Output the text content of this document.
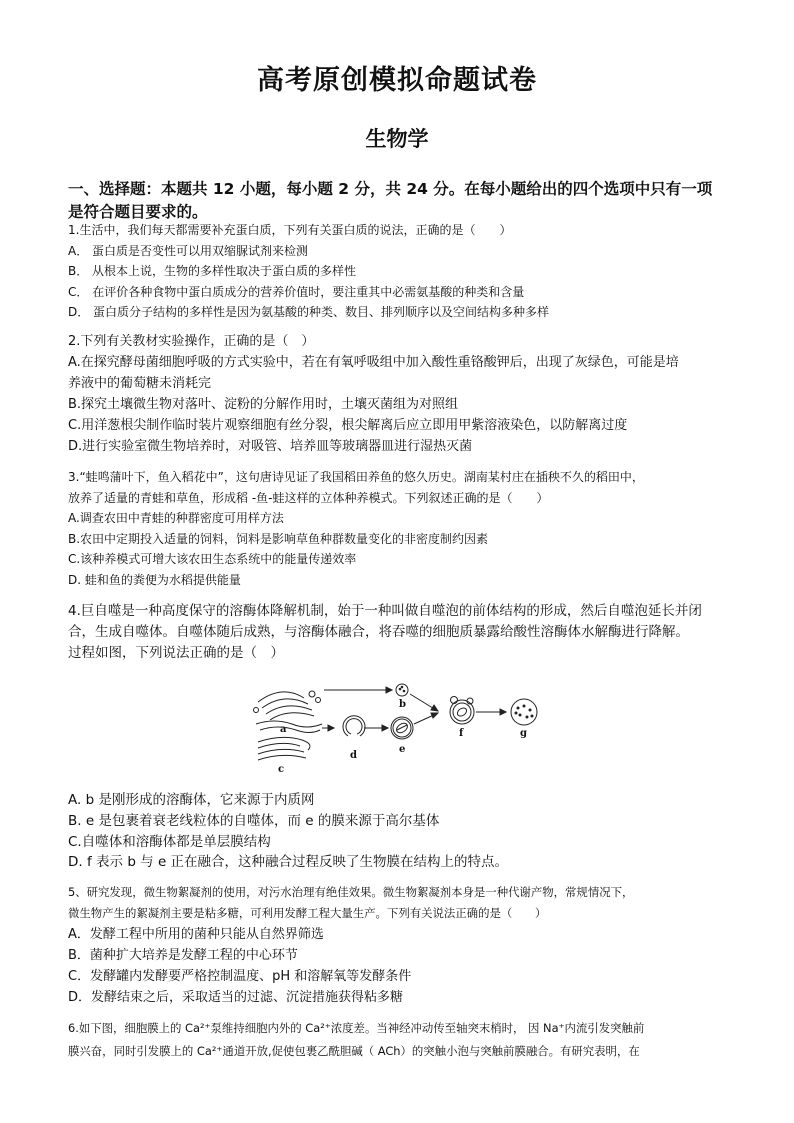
高考原创模拟命题试卷
生物学
一、选择题：本题共 12 小题，每小题 2 分，共 24 分。在每小题给出的四个选项中只有一项
是符合题目要求的。
1.生活中，我们每天都需要补充蛋白质，下列有关蛋白质的说法，正确的是（　　）
A． 蛋白质是否变性可以用双缩脲试剂来检测
B． 从根本上说，生物的多样性取决于蛋白质的多样性
C． 在评价各种食物中蛋白质成分的营养价值时，要注重其中必需氨基酸的种类和含量
D． 蛋白质分子结构的多样性是因为氨基酸的种类、数目、排列顺序以及空间结构多种多样
2.下列有关教材实验操作，正确的是（　）
A.在探究酵母菌细胞呼吸的方式实验中，若在有氧呼吸组中加入酸性重铬酸钾后，出现了灰绿色，可能是培
养液中的葡萄糖未消耗完
B.探究土壤微生物对落叶、淀粉的分解作用时，土壤灭菌组为对照组
C.用洋葱根尖制作临时装片观察细胞有丝分裂，根尖解离后应立即用甲紫溶液染色，以防解离过度
D.进行实验室微生物培养时，对吸管、培养皿等玻璃器皿进行湿热灭菌
3.“蛙鸣蒲叶下，鱼入稻花中”，这句唐诗见证了我国稻田养鱼的悠久历史。湖南某村庄在插秧不久的稻田中，
放养了适量的青蛙和草鱼，形成稻 -鱼-蛙这样的立体种养模式。下列叙述正确的是（　　）
A.调查农田中青蛙的种群密度可用样方法
B.农田中定期投入适量的饲料，饲料是影响草鱼种群数量变化的非密度制约因素
C.该种养模式可增大该农田生态系统中的能量传递效率
D. 蛙和鱼的粪便为水稻提供能量
4.巨自噬是一种高度保守的溶酶体降解机制，始于一种叫做自噬泡的前体结构的形成，然后自噬泡延长并闭
合，生成自噬体。自噬体随后成熟，与溶酶体融合，将吞噬的细胞质暴露给酸性溶酶体水解酶进行降解。
过程如图，下列说法正确的是（　）
a
b
c
d
e
f	g
A. b 是刚形成的溶酶体，它来源于内质网
B. e 是包裹着衰老线粒体的自噬体，而 e 的膜来源于高尔基体
C.自噬体和溶酶体都是单层膜结构
D. f 表示 b 与 e 正在融合，这种融合过程反映了生物膜在结构上的特点。
5、研究发现，微生物絮凝剂的使用，对污水治理有绝佳效果。微生物絮凝剂本身是一种代谢产物，常规情况下，
微生物产生的絮凝剂主要是粘多糖，可利用发酵工程大量生产。下列有关说法正确的是（　　）
A．发酵工程中所用的菌种只能从自然界筛选
B．菌种扩大培养是发酵工程的中心环节
C．发酵罐内发酵要严格控制温度、pH 和溶解氧等发酵条件
D．发酵结束之后，采取适当的过滤、沉淀措施获得粘多糖
6.如下图，细胞膜上的 Ca²⁺泵维持细胞内外的 Ca²⁺浓度差。当神经冲动传至轴突末梢时， 因 Na⁺内流引发突触前
膜兴奋，同时引发膜上的 Ca²⁺通道开放,促使包裹乙酰胆碱（ ACh）的突触小泡与突触前膜融合。有研究表明，在
